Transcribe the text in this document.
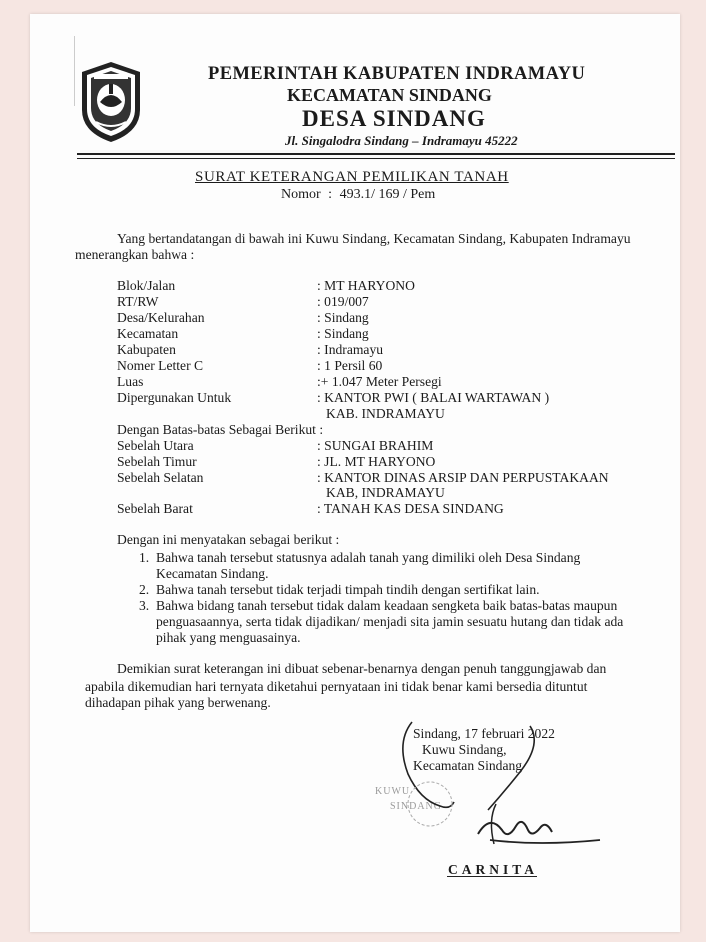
PEMERINTAH KABUPATEN INDRAMAYU
KECAMATAN SINDANG
DESA SINDANG
Jl. Singalodra Sindang – Indramayu 45222
SURAT KETERANGAN PEMILIKAN TANAH
Nomor : 493.1/ 169 / Pem
Yang bertandatangan di bawah ini Kuwu Sindang, Kecamatan Sindang, Kabupaten Indramayu
menerangkan bahwa :
Blok/Jalan	: MT HARYONO
RT/RW	: 019/007
Desa/Kelurahan	: Sindang
Kecamatan	: Sindang
Kabupaten	: Indramayu
Nomer Letter C	: 1 Persil 60
Luas	:+ 1.047 Meter Persegi
Dipergunakan Untuk	: KANTOR PWI ( BALAI WARTAWAN )
KAB. INDRAMAYU
Dengan Batas-batas Sebagai Berikut :
Sebelah Utara	: SUNGAI BRAHIM
Sebelah Timur	: JL. MT HARYONO
Sebelah Selatan	: KANTOR DINAS ARSIP DAN PERPUSTAKAAN
KAB, INDRAMAYU
Sebelah Barat	: TANAH KAS DESA SINDANG
Dengan ini menyatakan sebagai berikut :
1. Bahwa tanah tersebut statusnya adalah tanah yang dimiliki oleh Desa Sindang
Kecamatan Sindang.
2. Bahwa tanah tersebut tidak terjadi timpah tindih dengan sertifikat lain.
3. Bahwa bidang tanah tersebut tidak dalam keadaan sengketa baik batas-batas maupun
penguasaannya, serta tidak dijadikan/ menjadi sita jamin sesuatu hutang dan tidak ada
pihak yang menguasainya.
Demikian surat keterangan ini dibuat sebenar-benarnya dengan penuh tanggungjawab dan
apabila dikemudian hari ternyata diketahui pernyataan ini tidak benar kami bersedia dituntut
dihadapan pihak yang berwenang.
Sindang, 17 februari 2022
Kuwu Sindang,
Kecamatan Sindang
KUWU
SINDANG
CARNITA
